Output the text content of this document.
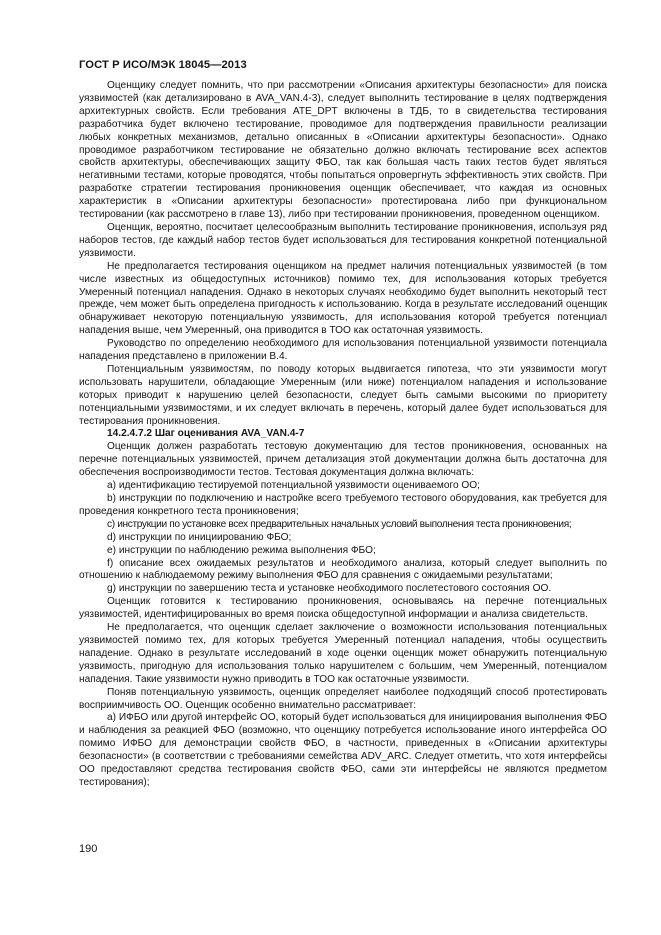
ГОСТ Р ИСО/МЭК 18045—2013

Оценщику следует помнить, что при рассмотрении «Описания архитектуры безопасности» для поиска уязвимостей (как детализировано в AVA_VAN.4-3), следует выполнить тестирование в целях подтверждения архитектурных свойств. Если требования ATE_DPT включены в ТДБ, то в свидетельства тестирования разработчика будет включено тестирование, проводимое для подтверждения правильности реализации любых конкретных механизмов, детально описанных в «Описании архитектуры безопасности». Однако проводимое разработчиком тестирование не обязательно должно включать тестирование всех аспектов свойств архитектуры, обеспечивающих защиту ФБО, так как большая часть таких тестов будет являться негативными тестами, которые проводятся, чтобы попытаться опровергнуть эффективность этих свойств. При разработке стратегии тестирования проникновения оценщик обеспечивает, что каждая из основных характеристик в «Описании архитектуры безопасности» протестирована либо при функциональном тестировании (как рассмотрено в главе 13), либо при тестировании проникновения, проведенном оценщиком.

Оценщик, вероятно, посчитает целесообразным выполнить тестирование проникновения, используя ряд наборов тестов, где каждый набор тестов будет использоваться для тестирования конкретной потенциальной уязвимости.

Не предполагается тестирования оценщиком на предмет наличия потенциальных уязвимостей (в том числе известных из общедоступных источников) помимо тех, для использования которых требуется Умеренный потенциал нападения. Однако в некоторых случаях необходимо будет выполнить некоторый тест прежде, чем может быть определена пригодность к использованию. Когда в результате исследований оценщик обнаруживает некоторую потенциальную уязвимость, для использования которой требуется потенциал нападения выше, чем Умеренный, она приводится в ТОО как остаточная уязвимость.

Руководство по определению необходимого для использования потенциальной уязвимости потенциала нападения представлено в приложении В.4.

Потенциальным уязвимостям, по поводу которых выдвигается гипотеза, что эти уязвимости могут использовать нарушители, обладающие Умеренным (или ниже) потенциалом нападения и использование которых приводит к нарушению целей безопасности, следует быть самыми высокими по приоритету потенциальными уязвимостями, и их следует включать в перечень, который далее будет использоваться для тестирования проникновения.

14.2.4.7.2 Шаг оценивания AVA_VAN.4-7

Оценщик должен разработать тестовую документацию для тестов проникновения, основанных на перечне потенциальных уязвимостей, причем детализация этой документации должна быть достаточна для обеспечения воспроизводимости тестов. Тестовая документация должна включать:

a) идентификацию тестируемой потенциальной уязвимости оцениваемого ОО;

b) инструкции по подключению и настройке всего требуемого тестового оборудования, как требуется для проведения конкретного теста проникновения;

c) инструкции по установке всех предварительных начальных условий выполнения теста проникновения;

d) инструкции по инициированию ФБО;

e) инструкции по наблюдению режима выполнения ФБО;

f) описание всех ожидаемых результатов и необходимого анализа, который следует выполнить по отношению к наблюдаемому режиму выполнения ФБО для сравнения с ожидаемыми результатами;

g) инструкции по завершению теста и установке необходимого послетестового состояния ОО.

Оценщик готовится к тестированию проникновения, основываясь на перечне потенциальных уязвимостей, идентифицированных во время поиска общедоступной информации и анализа свидетельств.

Не предполагается, что оценщик сделает заключение о возможности использования потенциальных уязвимостей помимо тех, для которых требуется Умеренный потенциал нападения, чтобы осуществить нападение. Однако в результате исследований в ходе оценки оценщик может обнаружить потенциальную уязвимость, пригодную для использования только нарушителем с большим, чем Умеренный, потенциалом нападения. Такие уязвимости нужно приводить в ТОО как остаточные уязвимости.

Поняв потенциальную уязвимость, оценщик определяет наиболее подходящий способ протестировать восприимчивость ОО. Оценщик особенно внимательно рассматривает:

a) ИФБО или другой интерфейс ОО, который будет использоваться для инициирования выполнения ФБО и наблюдения за реакцией ФБО (возможно, что оценщику потребуется использование иного интерфейса ОО помимо ИФБО для демонстрации свойств ФБО, в частности, приведенных в «Описании архитектуры безопасности» (в соответствии с требованиями семейства ADV_ARC. Следует отметить, что хотя интерфейсы ОО предоставляют средства тестирования свойств ФБО, сами эти интерфейсы не являются предметом тестирования);

190
